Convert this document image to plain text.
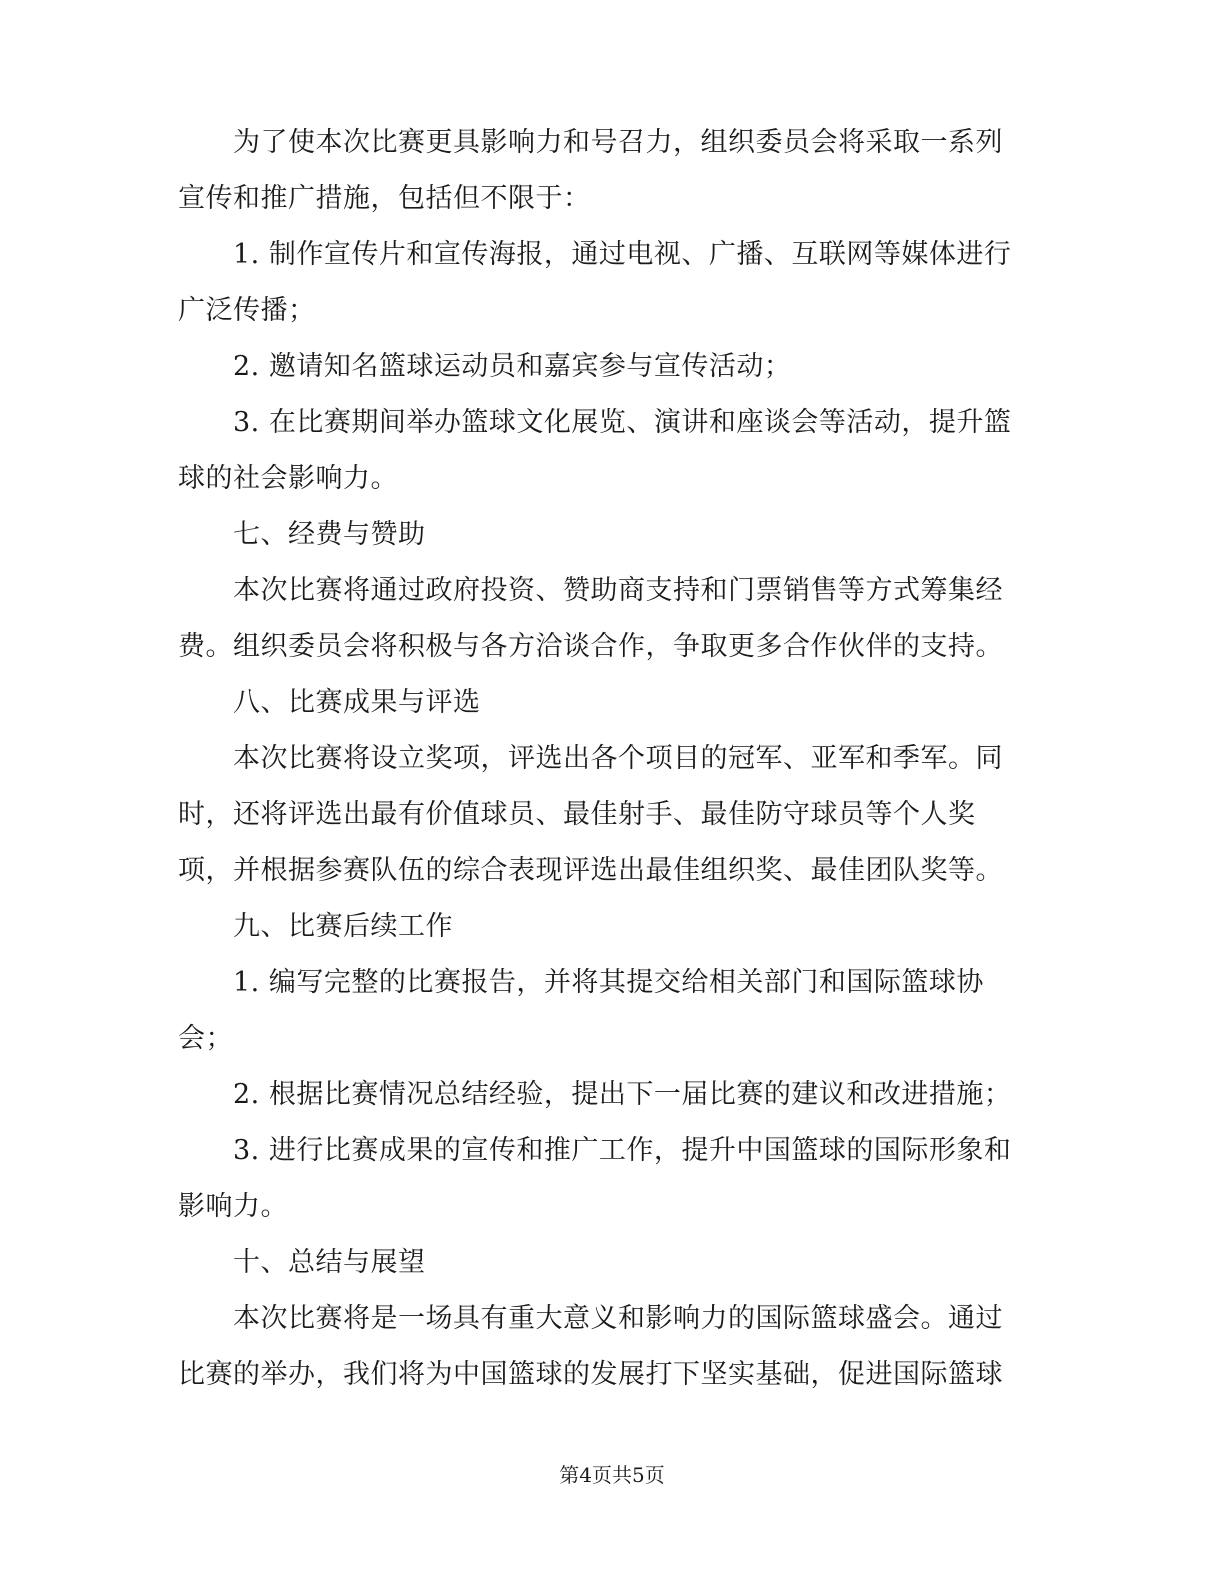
　　为了使本次比赛更具影响力和号召力，组织委员会将采取一系列
宣传和推广措施，包括但不限于：
　　1. 制作宣传片和宣传海报，通过电视、广播、互联网等媒体进行
广泛传播；
　　2. 邀请知名篮球运动员和嘉宾参与宣传活动；
　　3. 在比赛期间举办篮球文化展览、演讲和座谈会等活动，提升篮
球的社会影响力。
　　七、经费与赞助
　　本次比赛将通过政府投资、赞助商支持和门票销售等方式筹集经
费。组织委员会将积极与各方洽谈合作，争取更多合作伙伴的支持。
　　八、比赛成果与评选
　　本次比赛将设立奖项，评选出各个项目的冠军、亚军和季军。同
时，还将评选出最有价值球员、最佳射手、最佳防守球员等个人奖
项，并根据参赛队伍的综合表现评选出最佳组织奖、最佳团队奖等。
　　九、比赛后续工作
　　1. 编写完整的比赛报告，并将其提交给相关部门和国际篮球协
会；
　　2. 根据比赛情况总结经验，提出下一届比赛的建议和改进措施；
　　3. 进行比赛成果的宣传和推广工作，提升中国篮球的国际形象和
影响力。
　　十、总结与展望
　　本次比赛将是一场具有重大意义和影响力的国际篮球盛会。通过
比赛的举办，我们将为中国篮球的发展打下坚实基础，促进国际篮球
第4页共5页
